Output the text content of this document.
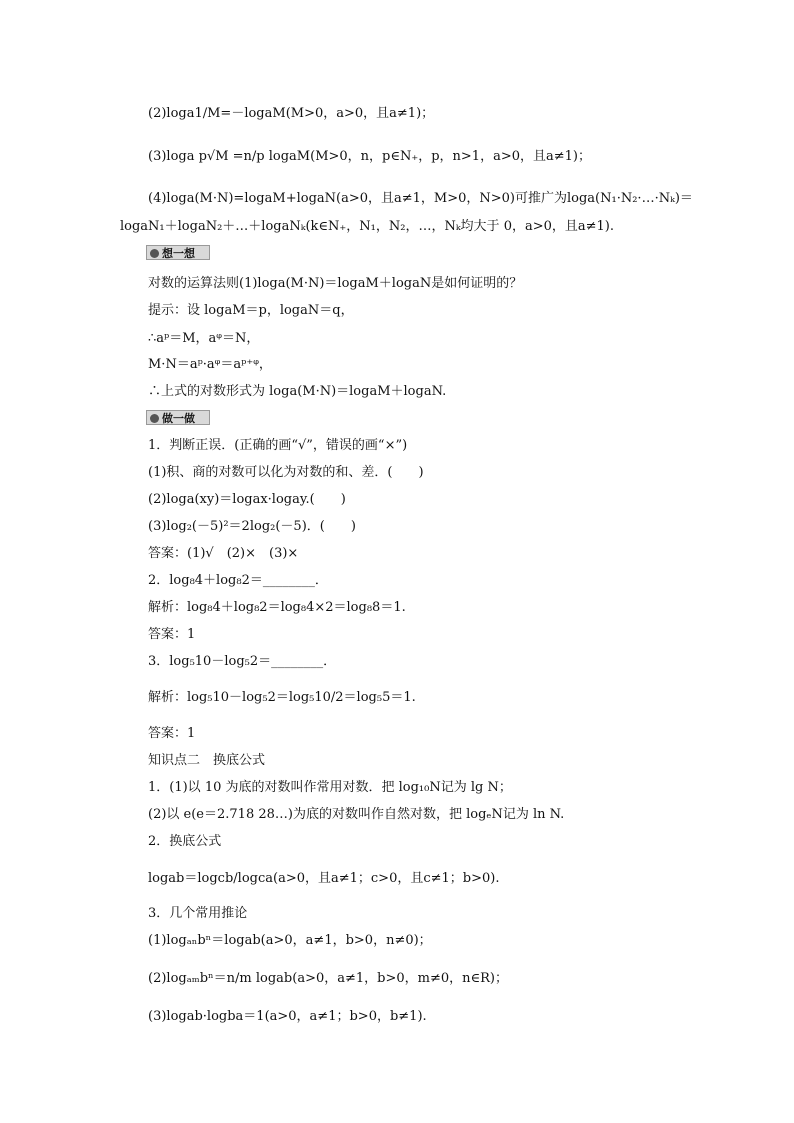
(2)loga1/M=－logaM(M>0，a>0，且a≠1)；
(3)loga p√M =n/p logaM(M>0，n，p∈N₊，p，n>1，a>0，且a≠1)；
(4)loga(M·N)=logaM+logaN(a>0，且a≠1，M>0，N>0)可推广为loga(N₁·N₂·…·Nₖ)＝
logaN₁＋logaN₂＋…＋logaNₖ(k∈N₊，N₁，N₂，…，Nₖ均大于 0，a>0，且a≠1).
想一想
对数的运算法则(1)loga(M·N)＝logaM＋logaN是如何证明的？
提示：设 logaM＝p，logaN＝q，
∴aᵖ＝M，aᵠ＝N，
M·N＝aᵖ·aᵠ＝aᵖ⁺ᵠ，
∴上式的对数形式为 loga(M·N)＝logaM＋logaN.
做一做
1．判断正误．(正确的画“√”，错误的画“×”)
(1)积、商的对数可以化为对数的和、差．(　　)
(2)loga(xy)＝logax·logay.(　　)
(3)log₂(－5)²＝2log₂(－5)．(　　)
答案：(1)√　(2)×　(3)×
2．log₈4＋log₈2＝________．
解析：log₈4＋log₈2＝log₈4×2＝log₈8＝1.
答案：1
3．log₅10－log₅2＝________．
解析：log₅10－log₅2＝log₅10/2＝log₅5＝1.
答案：1
知识点二　换底公式
1．(1)以 10 为底的对数叫作常用对数．把 log₁₀N记为 lg N；
(2)以 e(e＝2.718 28…)为底的对数叫作自然对数，把 logₑN记为 ln N.
2．换底公式
logab＝logcb/logca(a>0，且a≠1；c>0，且c≠1；b>0).
3．几个常用推论
(1)logₐₙbⁿ＝logab(a>0，a≠1，b>0，n≠0)；
(2)logₐₘbⁿ＝n/m logab(a>0，a≠1，b>0，m≠0，n∈R)；
(3)logab·logba＝1(a>0，a≠1；b>0，b≠1).
